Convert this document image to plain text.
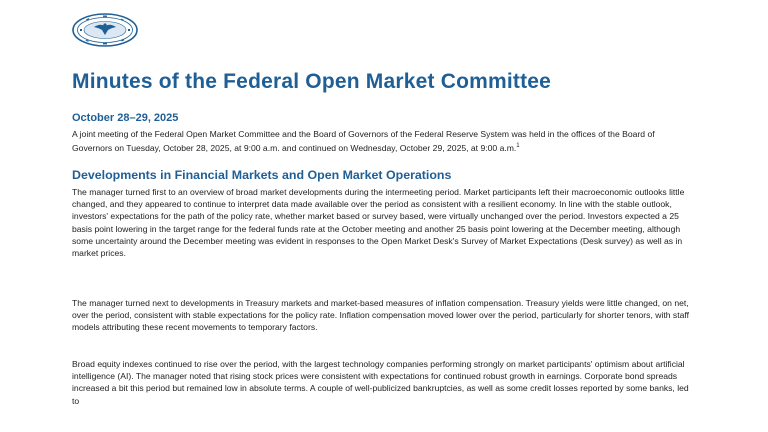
Minutes of the Federal Open Market Committee

October 28–29, 2025

A joint meeting of the Federal Open Market Committee and the Board of Governors of the Federal Reserve System was held in the offices of the Board of Governors on Tuesday, October 28, 2025, at 9:00 a.m. and continued on Wednesday, October 29, 2025, at 9:00 a.m.$^1$

Developments in Financial Markets and Open Market Operations

The manager turned first to an overview of broad market developments during the intermeeting period. Market participants left their macroeconomic outlooks little changed, and they appeared to continue to interpret data made available over the period as consistent with a resilient economy. In line with the stable outlook, investors' expectations for the path of the policy rate, whether market based or survey based, were virtually unchanged over the period. Investors expected a 25 basis point lowering in the target range for the federal funds rate at the October meeting and another 25 basis point lowering at the December meeting, although some uncertainty around the December meeting was evident in responses to the Open Market Desk's Survey of Market Expectations (Desk survey) as well as in market prices.

The manager turned next to developments in Treasury markets and market-based measures of inflation compensation. Treasury yields were little changed, on net, over the period, consistent with stable expectations for the policy rate. Inflation compensation moved lower over the period, particularly for shorter tenors, with staff models attributing these recent movements to temporary factors.

Broad equity indexes continued to rise over the period, with the largest technology companies performing strongly on market participants' optimism about artificial intelligence (AI). The manager noted that rising stock prices were consistent with expectations for continued robust growth in earnings. Corporate bond spreads increased a bit this period but remained low in absolute terms. A couple of well-publicized bankruptcies, as well as some credit losses reported by some banks, led to
